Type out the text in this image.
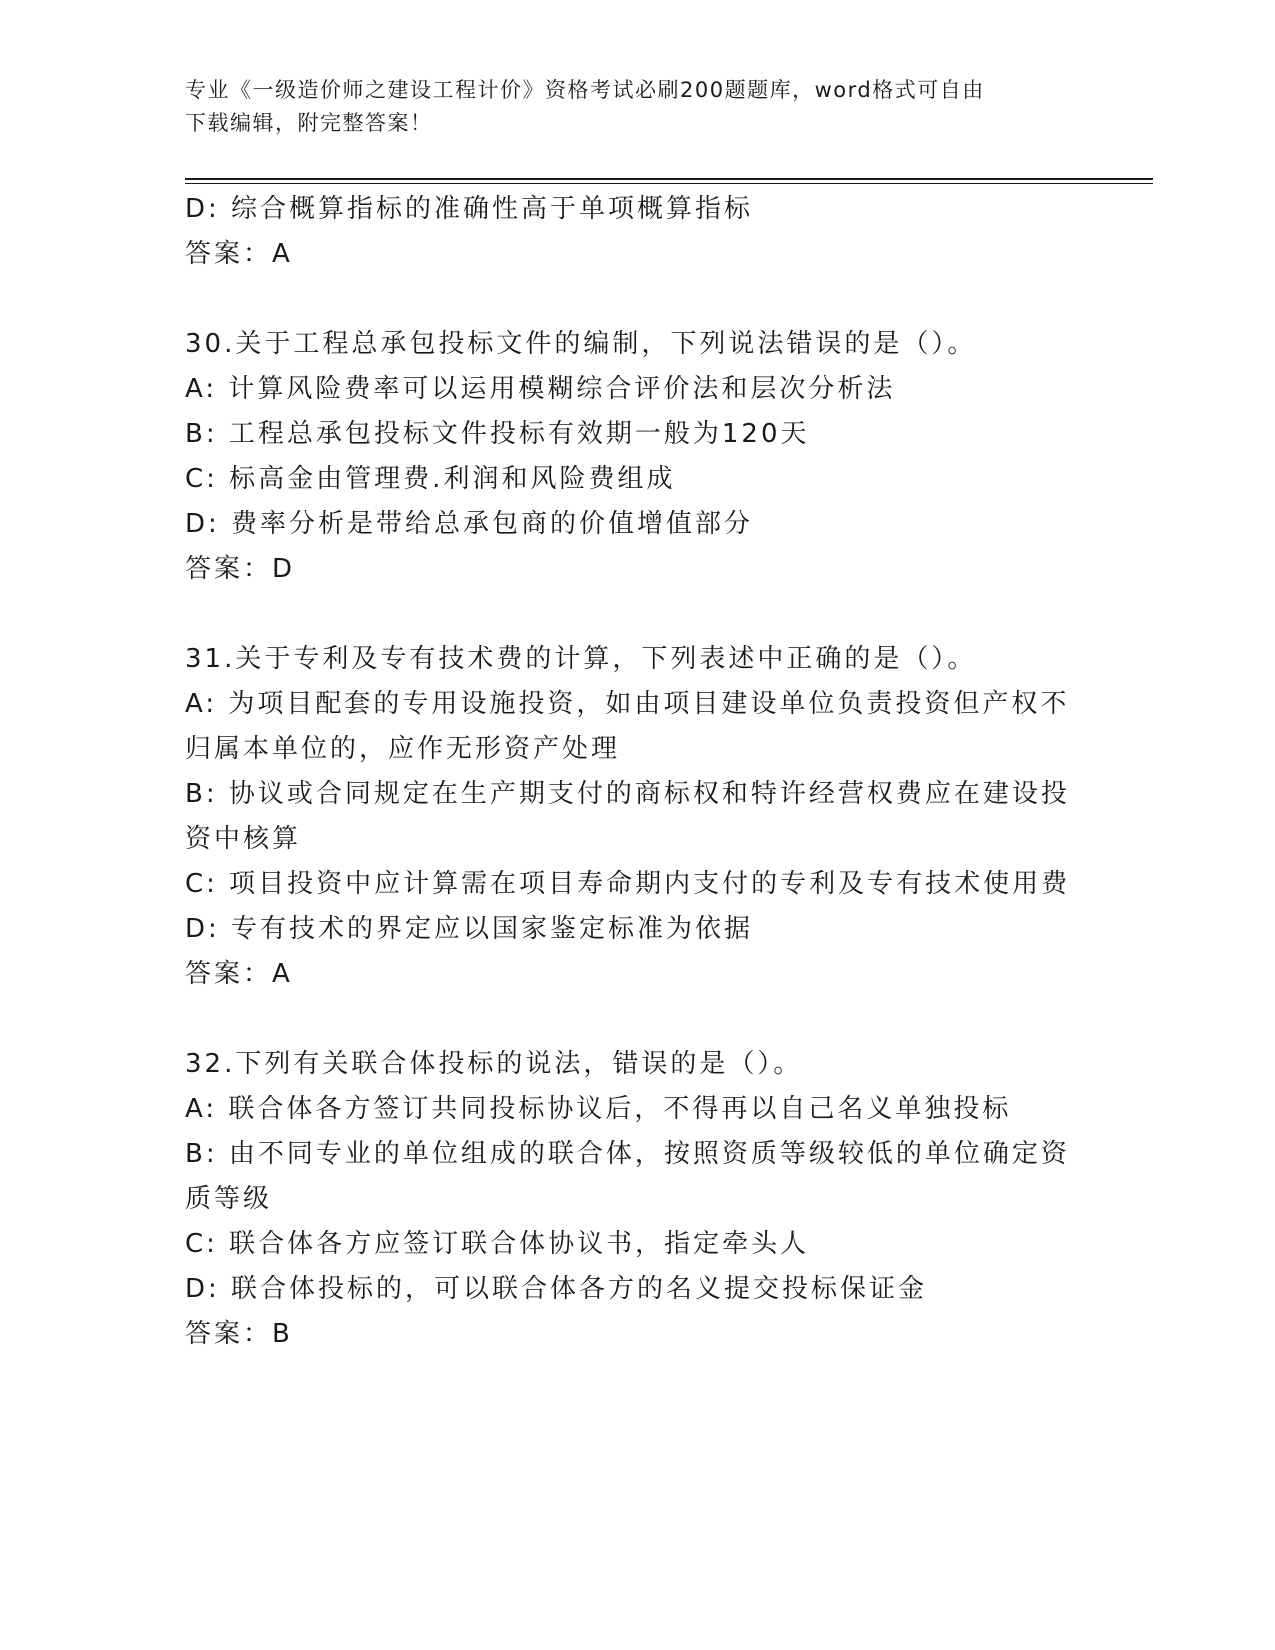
专业《一级造价师之建设工程计价》资格考试必刷200题题库，word格式可自由
下载编辑，附完整答案！
D: 综合概算指标的准确性高于单项概算指标
答案：A
30.关于工程总承包投标文件的编制，下列说法错误的是（）。
A: 计算风险费率可以运用模糊综合评价法和层次分析法
B: 工程总承包投标文件投标有效期一般为120天
C: 标高金由管理费.利润和风险费组成
D: 费率分析是带给总承包商的价值增值部分
答案：D
31.关于专利及专有技术费的计算，下列表述中正确的是（）。
A: 为项目配套的专用设施投资，如由项目建设单位负责投资但产权不
归属本单位的，应作无形资产处理
B: 协议或合同规定在生产期支付的商标权和特许经营权费应在建设投
资中核算
C: 项目投资中应计算需在项目寿命期内支付的专利及专有技术使用费
D: 专有技术的界定应以国家鉴定标准为依据
答案：A
32.下列有关联合体投标的说法，错误的是（）。
A: 联合体各方签订共同投标协议后，不得再以自己名义单独投标
B: 由不同专业的单位组成的联合体，按照资质等级较低的单位确定资
质等级
C: 联合体各方应签订联合体协议书，指定牵头人
D: 联合体投标的，可以联合体各方的名义提交投标保证金
答案：B
